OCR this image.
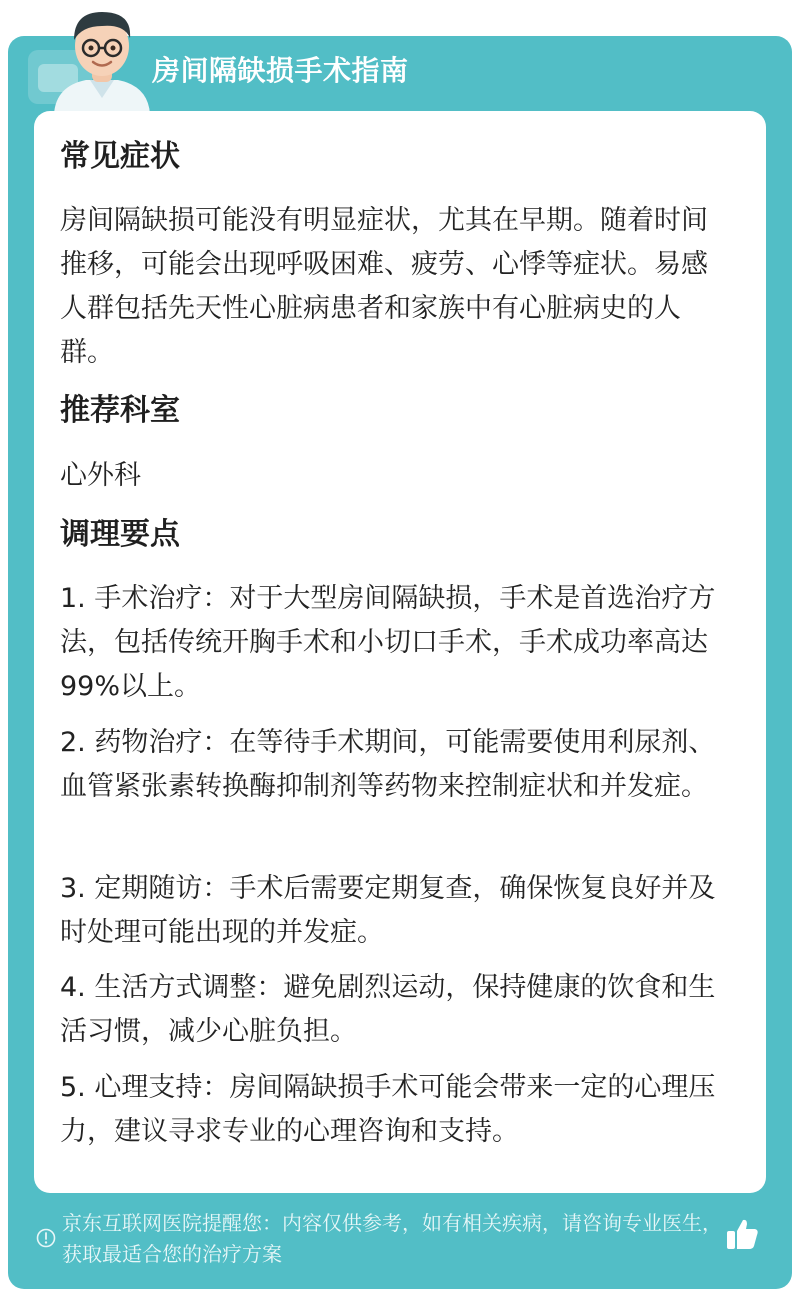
房间隔缺损手术指南
常见症状
房间隔缺损可能没有明显症状，尤其在早期。随着时间推移，可能会出现呼吸困难、疲劳、心悸等症状。易感人群包括先天性心脏病患者和家族中有心脏病史的人群。
推荐科室
心外科
调理要点
1. 手术治疗：对于大型房间隔缺损，手术是首选治疗方法，包括传统开胸手术和小切口手术，手术成功率高达99%以上。
2. 药物治疗：在等待手术期间，可能需要使用利尿剂、血管紧张素转换酶抑制剂等药物来控制症状和并发症。
3. 定期随访：手术后需要定期复查，确保恢复良好并及时处理可能出现的并发症。
4. 生活方式调整：避免剧烈运动，保持健康的饮食和生活习惯，减少心脏负担。
5. 心理支持：房间隔缺损手术可能会带来一定的心理压力，建议寻求专业的心理咨询和支持。
京东互联网医院提醒您：内容仅供参考，如有相关疾病，请咨询专业医生，获取最适合您的治疗方案
